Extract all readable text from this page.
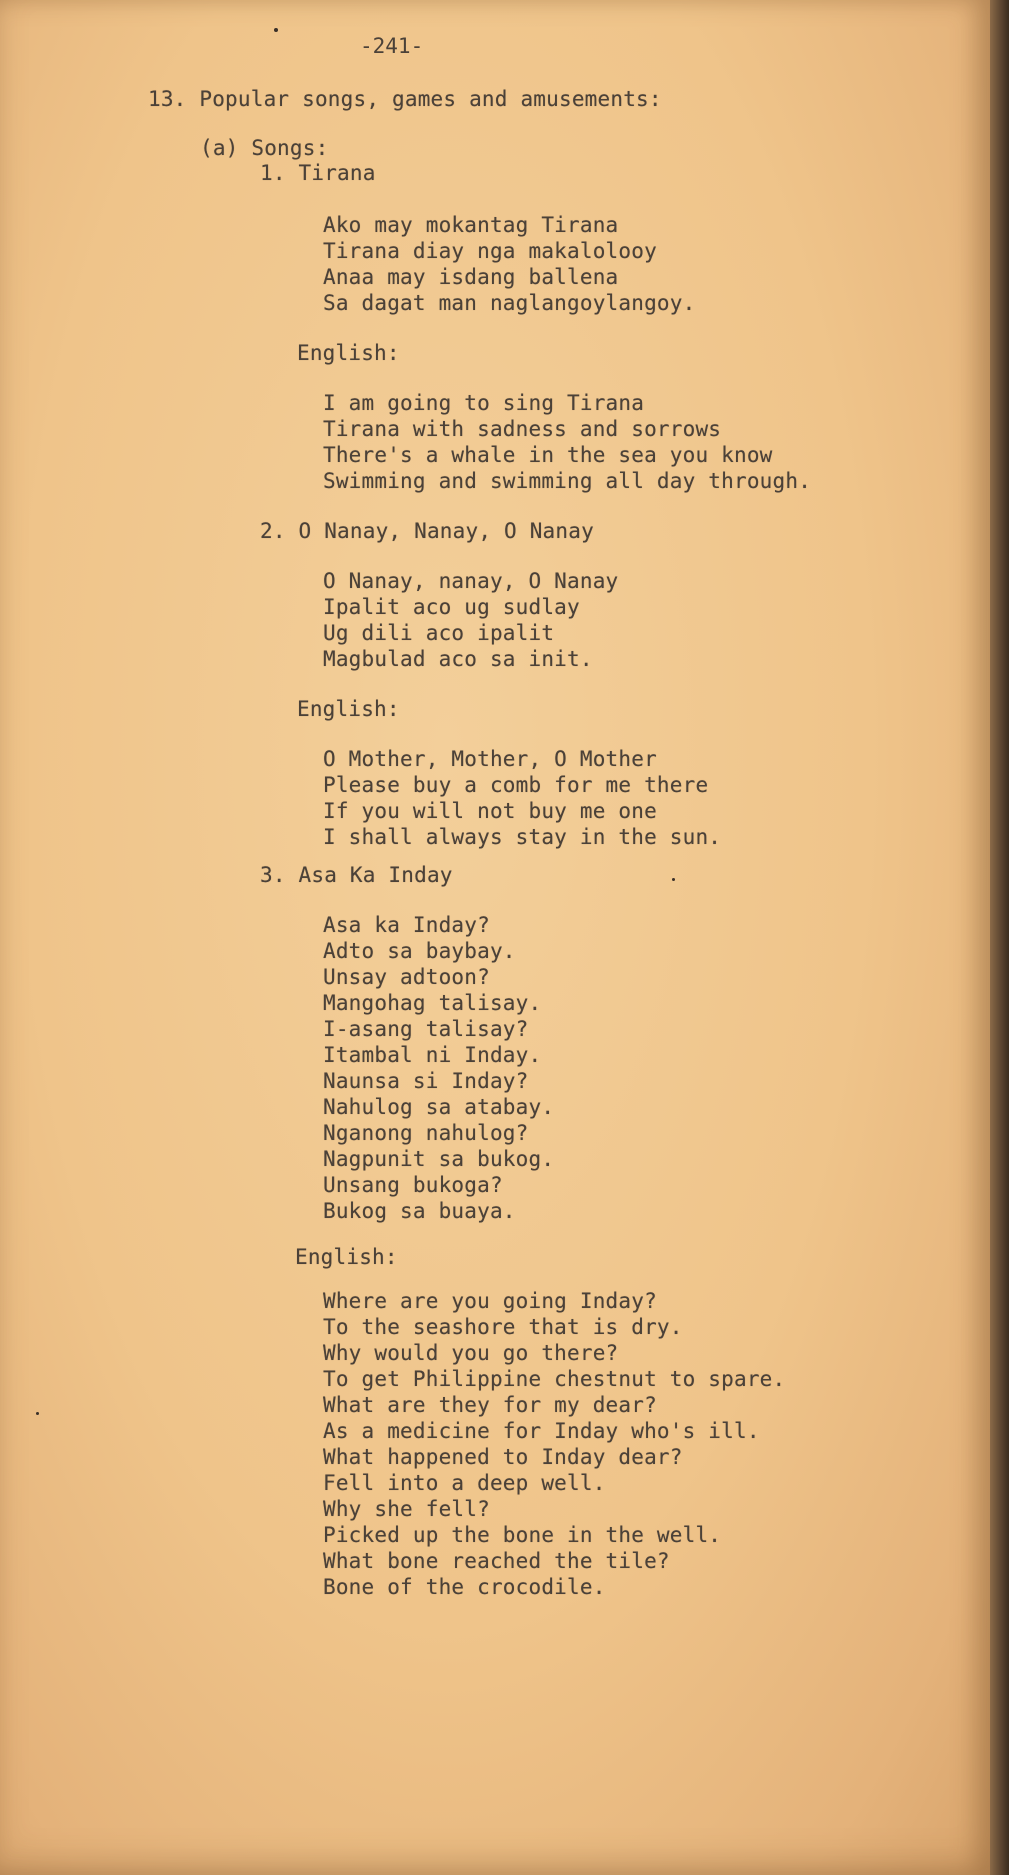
-241-
13. Popular songs, games and amusements:
(a) Songs:
1. Tirana
Ako may mokantag Tirana
Tirana diay nga makalolooy
Anaa may isdang ballena
Sa dagat man naglangoylangoy.
English:
I am going to sing Tirana
Tirana with sadness and sorrows
There's a whale in the sea you know
Swimming and swimming all day through.
2. O Nanay, Nanay, O Nanay
O Nanay, nanay, O Nanay
Ipalit aco ug sudlay
Ug dili aco ipalit
Magbulad aco sa init.
English:
O Mother, Mother, O Mother
Please buy a comb for me there
If you will not buy me one
I shall always stay in the sun.
3. Asa Ka Inday
Asa ka Inday?
Adto sa baybay.
Unsay adtoon?
Mangohag talisay.
I-asang talisay?
Itambal ni Inday.
Naunsa si Inday?
Nahulog sa atabay.
Nganong nahulog?
Nagpunit sa bukog.
Unsang bukoga?
Bukog sa buaya.
English:
Where are you going Inday?
To the seashore that is dry.
Why would you go there?
To get Philippine chestnut to spare.
What are they for my dear?
As a medicine for Inday who's ill.
What happened to Inday dear?
Fell into a deep well.
Why she fell?
Picked up the bone in the well.
What bone reached the tile?
Bone of the crocodile.
